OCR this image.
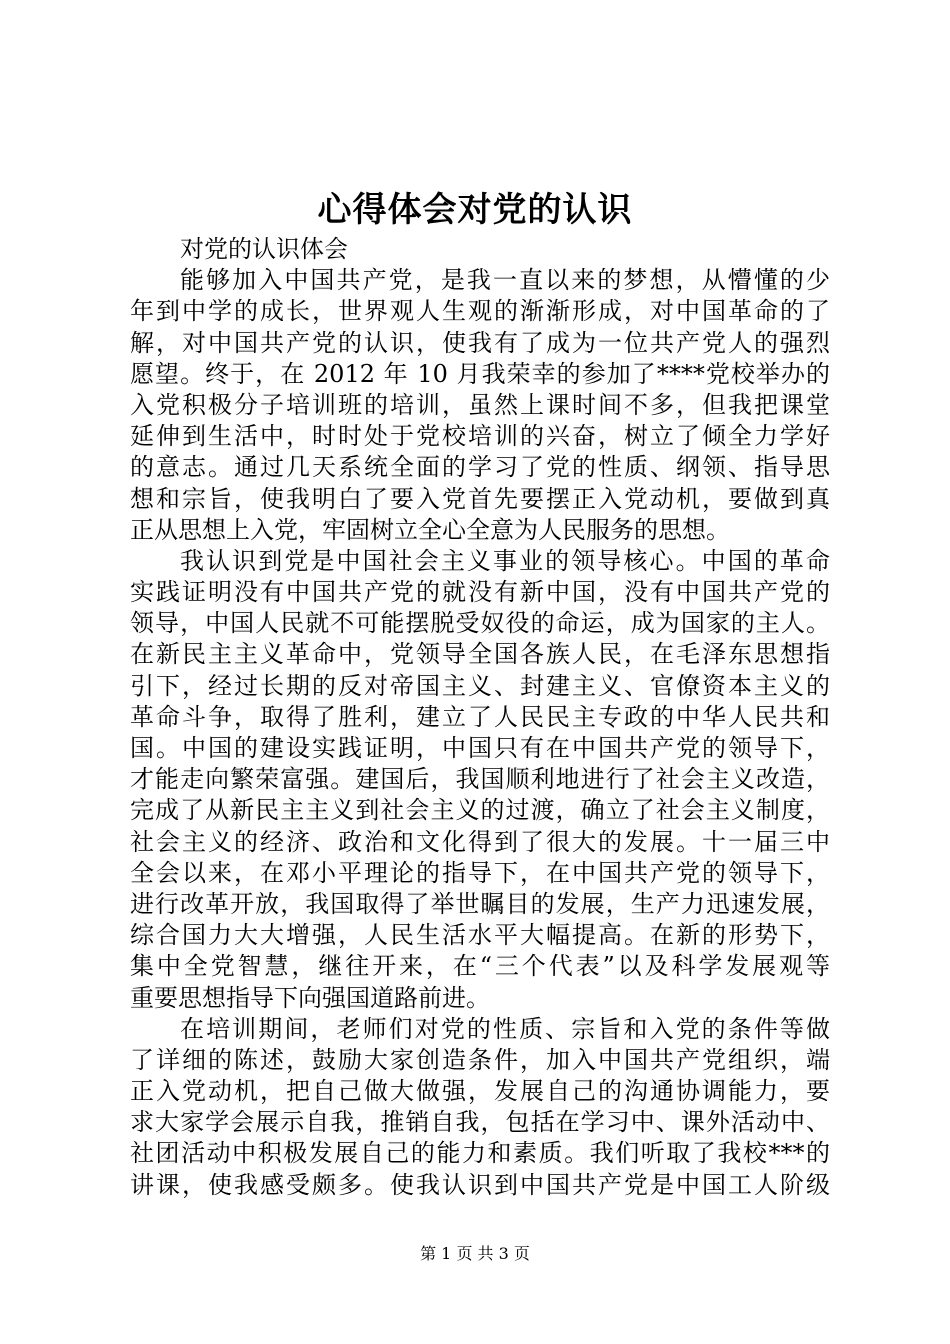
心得体会对党的认识
对党的认识体会
能够加入中国共产党，是我一直以来的梦想，从懵懂的少
年到中学的成长，世界观人生观的渐渐形成，对中国革命的了
解，对中国共产党的认识，使我有了成为一位共产党人的强烈
愿望。终于，在 2012 年 10 月我荣幸的参加了****党校举办的
入党积极分子培训班的培训，虽然上课时间不多，但我把课堂
延伸到生活中，时时处于党校培训的兴奋，树立了倾全力学好
的意志。通过几天系统全面的学习了党的性质、纲领、指导思
想和宗旨，使我明白了要入党首先要摆正入党动机，要做到真
正从思想上入党，牢固树立全心全意为人民服务的思想。
我认识到党是中国社会主义事业的领导核心。中国的革命
实践证明没有中国共产党的就没有新中国，没有中国共产党的
领导，中国人民就不可能摆脱受奴役的命运，成为国家的主人。
在新民主主义革命中，党领导全国各族人民，在毛泽东思想指
引下，经过长期的反对帝国主义、封建主义、官僚资本主义的
革命斗争，取得了胜利，建立了人民民主专政的中华人民共和
国。中国的建设实践证明，中国只有在中国共产党的领导下，
才能走向繁荣富强。建国后，我国顺利地进行了社会主义改造，
完成了从新民主主义到社会主义的过渡，确立了社会主义制度，
社会主义的经济、政治和文化得到了很大的发展。十一届三中
全会以来，在邓小平理论的指导下，在中国共产党的领导下，
进行改革开放，我国取得了举世瞩目的发展，生产力迅速发展，
综合国力大大增强，人民生活水平大幅提高。在新的形势下，
集中全党智慧，继往开来，在“三个代表”以及科学发展观等
重要思想指导下向强国道路前进。
在培训期间，老师们对党的性质、宗旨和入党的条件等做
了详细的陈述，鼓励大家创造条件，加入中国共产党组织，端
正入党动机，把自己做大做强，发展自己的沟通协调能力，要
求大家学会展示自我，推销自我，包括在学习中、课外活动中、
社团活动中积极发展自己的能力和素质。我们听取了我校***的
讲课，使我感受颇多。使我认识到中国共产党是中国工人阶级
第 1 页 共 3 页
